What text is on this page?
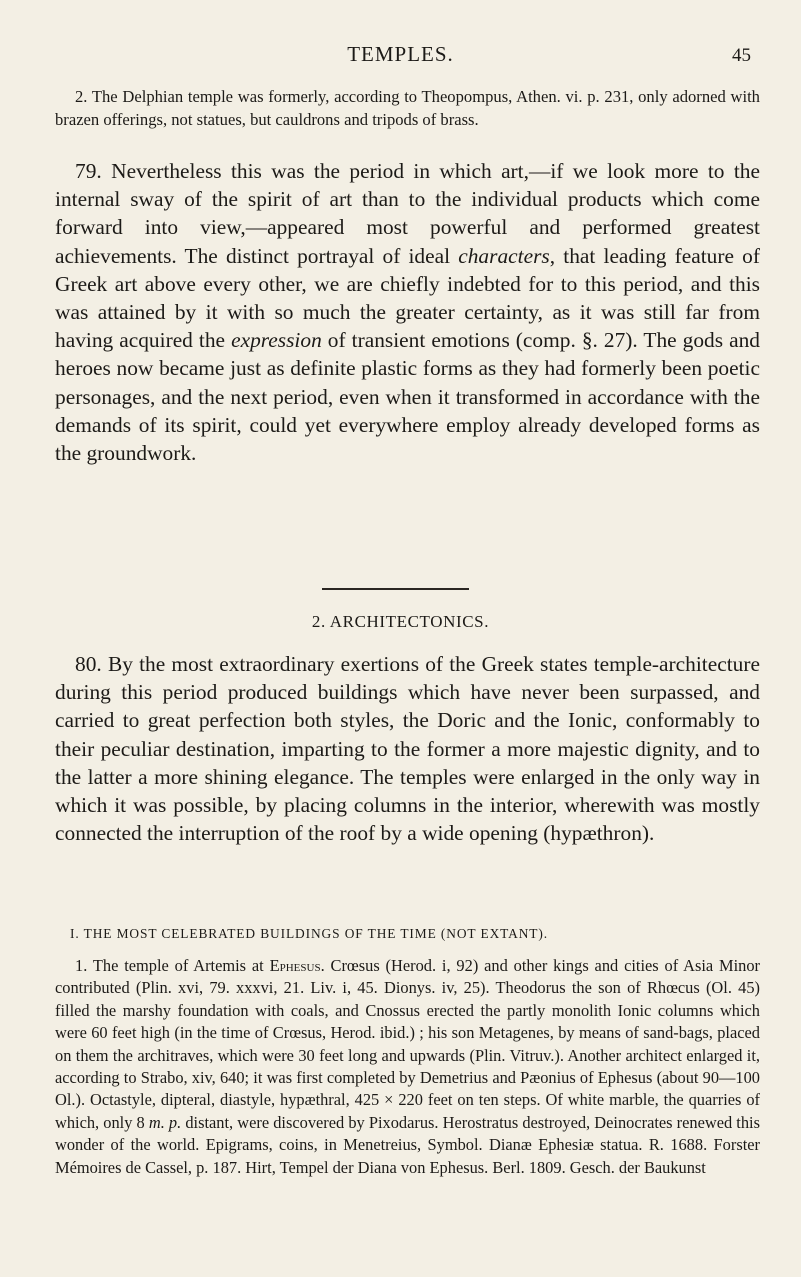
TEMPLES.	45

2. The Delphian temple was formerly, according to Theopompus, Athen. vi. p. 231, only adorned with brazen offerings, not statues, but cauldrons and tripods of brass.

79. Nevertheless this was the period in which art,—if we look more to the internal sway of the spirit of art than to the individual products which come forward into view,—appeared most powerful and performed greatest achievements. The distinct portrayal of ideal characters, that leading feature of Greek art above every other, we are chiefly indebted for to this period, and this was attained by it with so much the greater certainty, as it was still far from having acquired the expression of transient emotions (comp. §. 27). The gods and heroes now became just as definite plastic forms as they had formerly been poetic personages, and the next period, even when it transformed in accordance with the demands of its spirit, could yet everywhere employ already developed forms as the groundwork.

2. ARCHITECTONICS.

80. By the most extraordinary exertions of the Greek states temple-architecture during this period produced buildings which have never been surpassed, and carried to great perfection both styles, the Doric and the Ionic, conformably to their peculiar destination, imparting to the former a more majestic dignity, and to the latter a more shining elegance. The temples were enlarged in the only way in which it was possible, by placing columns in the interior, wherewith was mostly connected the interruption of the roof by a wide opening (hypæthron).

I. THE MOST CELEBRATED BUILDINGS OF THE TIME (NOT EXTANT).

1. The temple of Artemis at Ephesus. Crœsus (Herod. i, 92) and other kings and cities of Asia Minor contributed (Plin. xvi, 79. xxxvi, 21. Liv. i, 45. Dionys. iv, 25). Theodorus the son of Rhœcus (Ol. 45) filled the marshy foundation with coals, and Cnossus erected the partly monolith Ionic columns which were 60 feet high (in the time of Crœsus, Herod. ibid.) ; his son Metagenes, by means of sand-bags, placed on them the architraves, which were 30 feet long and upwards (Plin. Vitruv.). Another architect enlarged it, according to Strabo, xiv, 640; it was first completed by Demetrius and Pæonius of Ephesus (about 90—100 Ol.). Octastyle, dipteral, diastyle, hypæthral, 425 × 220 feet on ten steps. Of white marble, the quarries of which, only 8 m. p. distant, were discovered by Pixodarus. Herostratus destroyed, Deinocrates renewed this wonder of the world. Epigrams, coins, in Menetreius, Symbol. Dianæ Ephesiæ statua. R. 1688. Forster Mémoires de Cassel, p. 187. Hirt, Tempel der Diana von Ephesus. Berl. 1809. Gesch. der Baukunst
